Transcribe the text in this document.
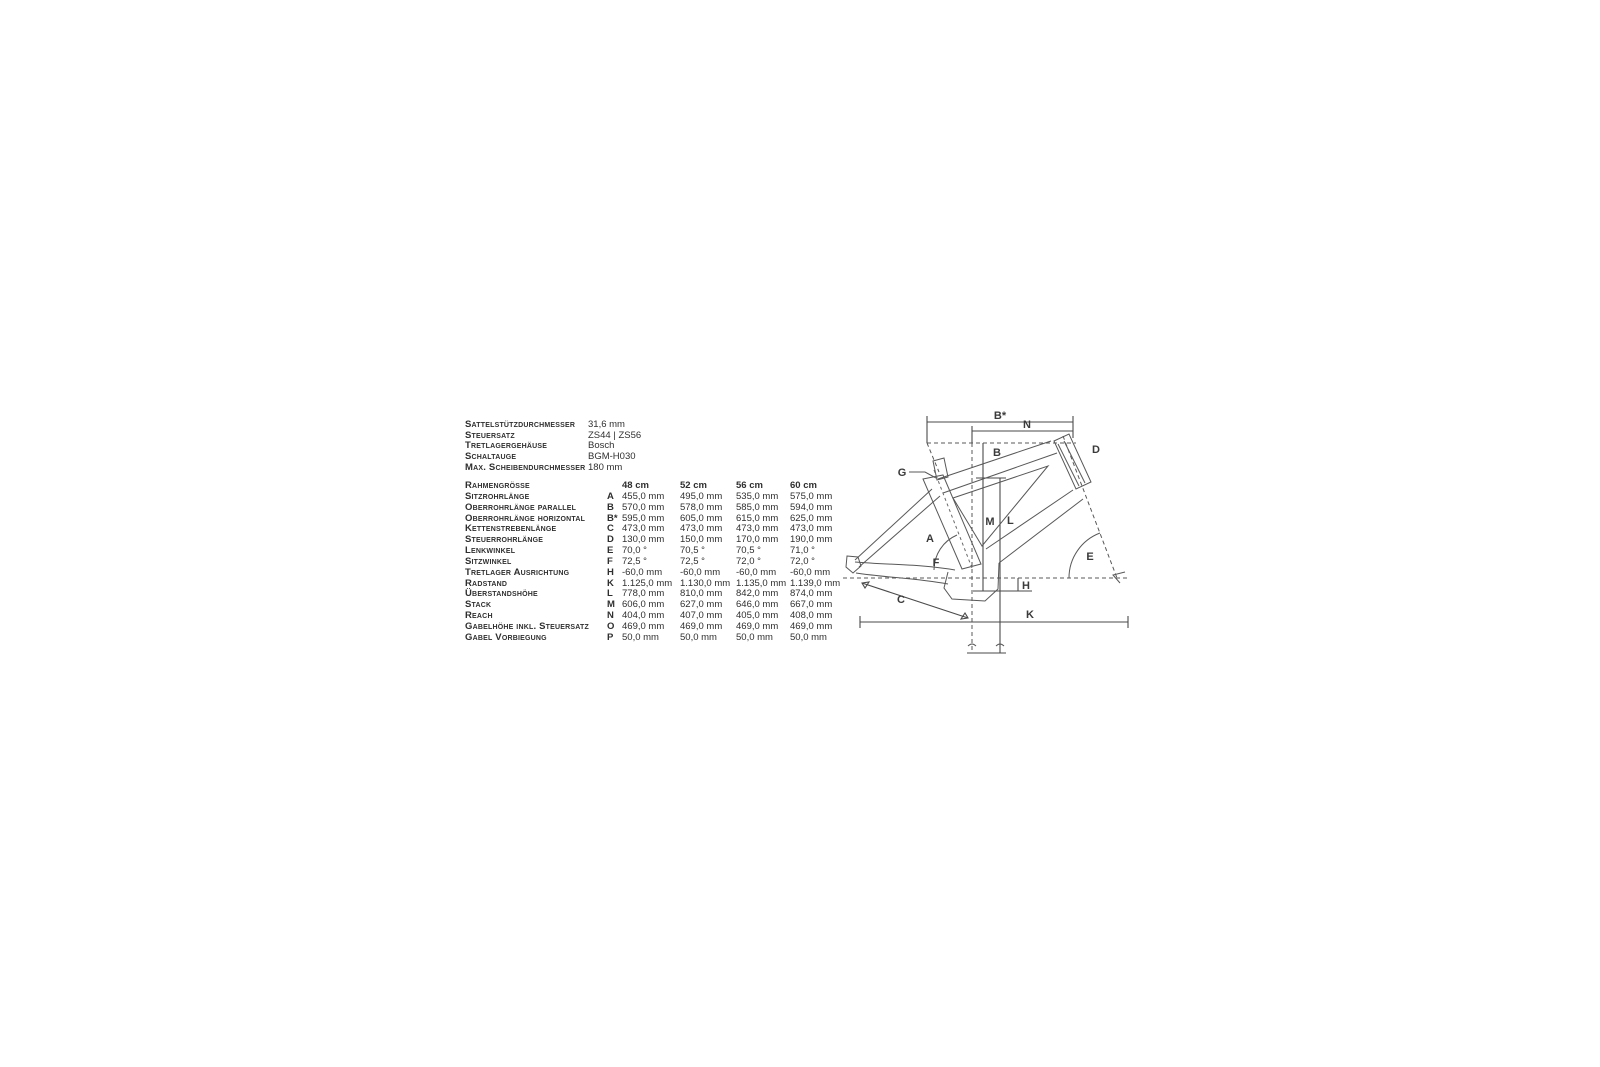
Sattelstützdurchmesser	31,6 mm
Steuersatz	ZS44 | ZS56
Tretlagergehäuse	Bosch
Schaltauge	BGM-H030
Max. Scheibendurchmesser	180 mm
Rahmengrösse		48 cm	52 cm	56 cm	60 cm
Sitzrohrlänge	A	455,0 mm	495,0 mm	535,0 mm	575,0 mm
Oberrohrlänge parallel	B	570,0 mm	578,0 mm	585,0 mm	594,0 mm
Oberrohrlänge horizontal	B*	595,0 mm	605,0 mm	615,0 mm	625,0 mm
Kettenstrebenlänge	C	473,0 mm	473,0 mm	473,0 mm	473,0 mm
Steuerrohrlänge	D	130,0 mm	150,0 mm	170,0 mm	190,0 mm
Lenkwinkel	E	70,0 °	70,5 °	70,5 °	71,0 °
Sitzwinkel	F	72,5 °	72,5 °	72,0 °	72,0 °
Tretlager Ausrichtung	H	-60,0 mm	-60,0 mm	-60,0 mm	-60,0 mm
Radstand	K	1.125,0 mm	1.130,0 mm	1.135,0 mm	1.139,0 mm
Überstandshöhe	L	778,0 mm	810,0 mm	842,0 mm	874,0 mm
Stack	M	606,0 mm	627,0 mm	646,0 mm	667,0 mm
Reach	N	404,0 mm	407,0 mm	405,0 mm	408,0 mm
Gabelhöhe inkl. Steuersatz	O	469,0 mm	469,0 mm	469,0 mm	469,0 mm
Gabel Vorbiegung	P	50,0 mm	50,0 mm	50,0 mm	50,0 mm
B*
N
B	D
G
A
M L
F	E
H
C
K
